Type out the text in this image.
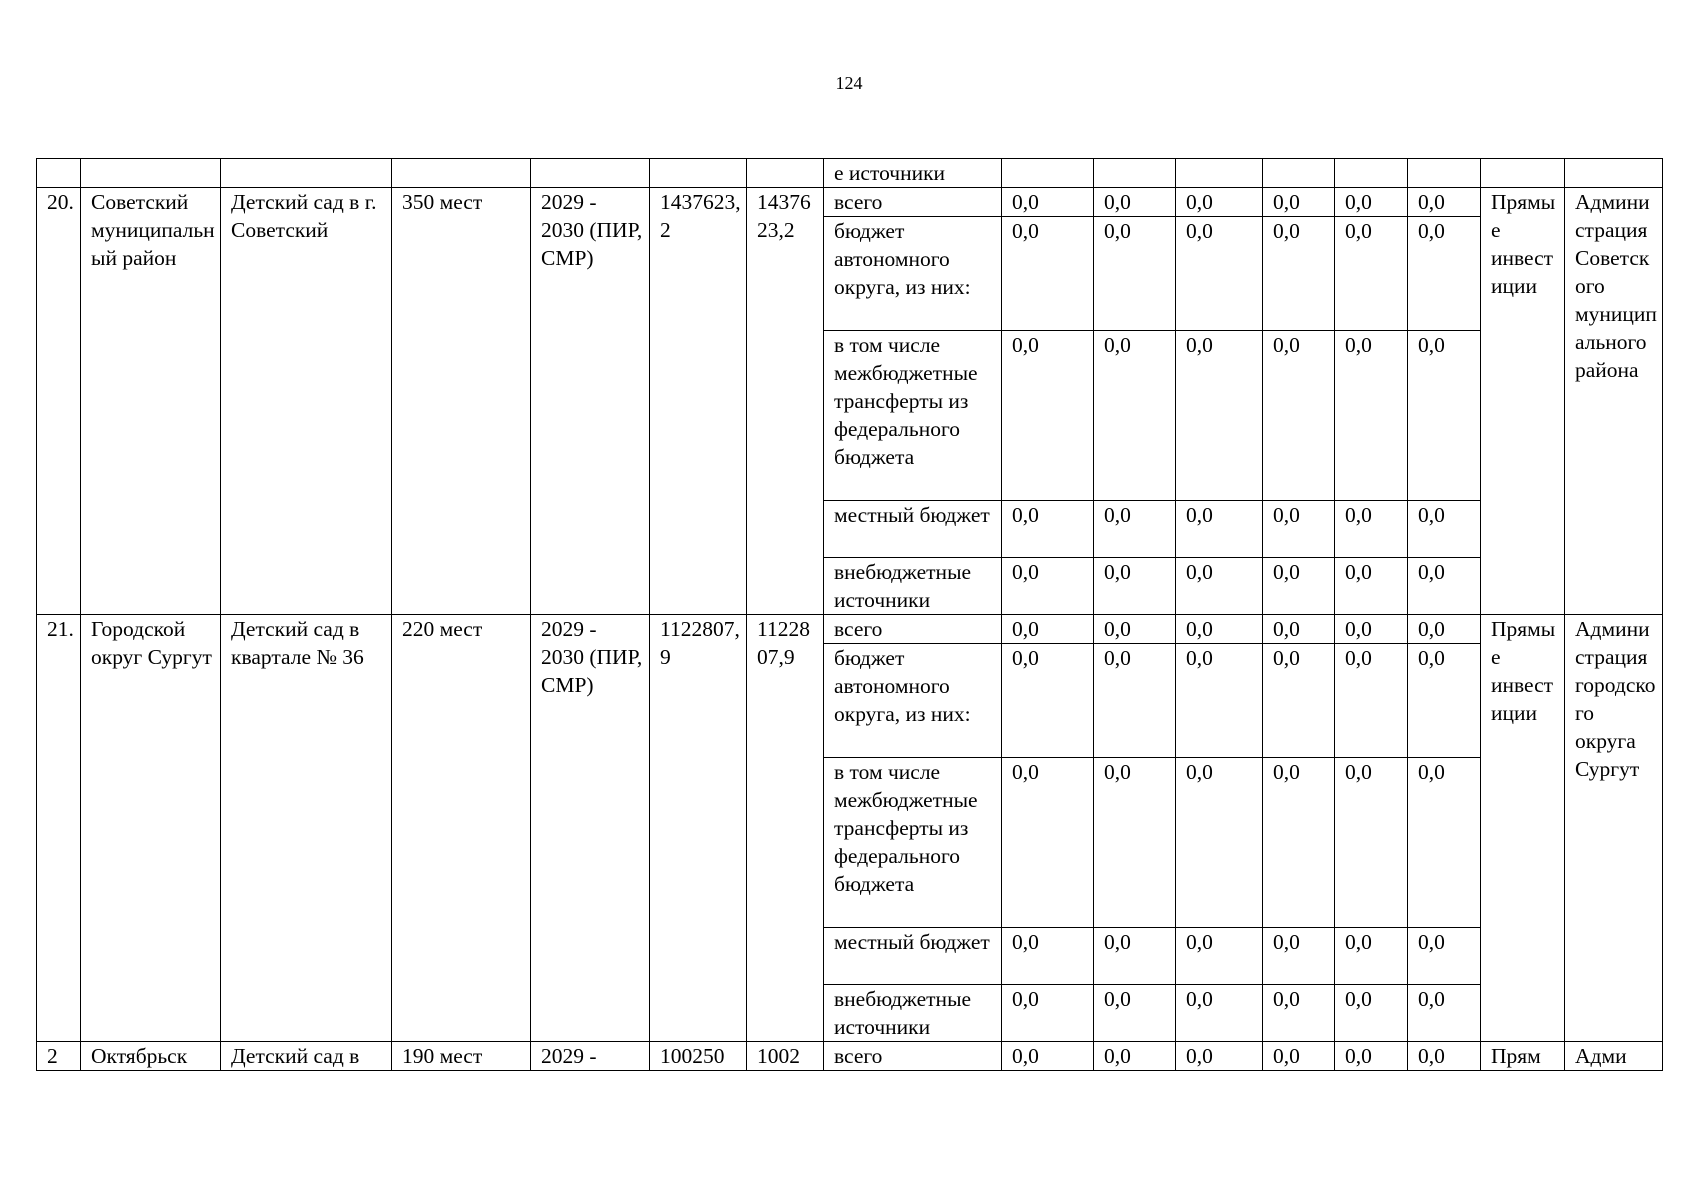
124
							е источники								
20.	Советский муниципальный район	Детский сад в г. Советский	350 мест	2029 - 2030 (ПИР, СМР)	1437623,2	1437623,2	всего	0,0	0,0	0,0	0,0	0,0	0,0	Прямые инвестиции	Администрация Советского муниципального района
							бюджет автономного округа, из них:	0,0	0,0	0,0	0,0	0,0	0,0		
							в том числе межбюджетные трансферты из федерального бюджета	0,0	0,0	0,0	0,0	0,0	0,0		
							местный бюджет	0,0	0,0	0,0	0,0	0,0	0,0		
							внебюджетные источники	0,0	0,0	0,0	0,0	0,0	0,0		
21.	Городской округ Сургут	Детский сад в квартале № 36	220 мест	2029 - 2030 (ПИР, СМР)	1122807,9	1122807,9	всего	0,0	0,0	0,0	0,0	0,0	0,0	Прямые инвестиции	Администрация городского округа Сургут
							бюджет автономного округа, из них:	0,0	0,0	0,0	0,0	0,0	0,0		
							в том числе межбюджетные трансферты из федерального бюджета	0,0	0,0	0,0	0,0	0,0	0,0		
							местный бюджет	0,0	0,0	0,0	0,0	0,0	0,0		
							внебюджетные источники	0,0	0,0	0,0	0,0	0,0	0,0		
2	Октябрьск	Детский сад в	190 мест	2029 -	100250	1002	всего	0,0	0,0	0,0	0,0	0,0	0,0	Прям	Адми
